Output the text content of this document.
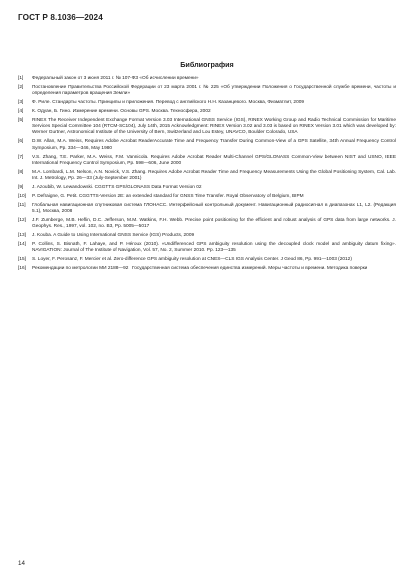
ГОСТ Р 8.1036—2024

Библиография
[1]	Федеральный закон от 3 июня 2011 г. № 107-ФЗ «Об исчислении времени»
[2]	Постановление Правительства Российской Федерации от 23 марта 2001 г. № 225 «Об утверждении Положения о Государственной службе времени, частоты и определения параметров вращения Земли»
[3]	Ф. Риле. Стандарты частоты. Принципы и приложения. Перевод с английского Н.Н. Казанцевого. Москва, Физматлит, 2009
[4]	К. Одуан, Б. Гино. Измерение времени. Основы GPS. Москва. Техносфера, 2002
[5]	RINEX The Receiver Independent Exchange Format Version 3.03 International GNSS Service (IGS), RINEX Working Group and Radio Technical Commission for Maritime Services Special Committee 104 (RTCM-SC104), July 14th, 2015 Acknowledgment: RINEX Version 3.02 and 3.03 is based on RINEX Version 3.01 which was developed by: Werner Gurtner, Astronomical Institute of the University of Bern, Switzerland and Lou Estey, UNAVCO, Boulder Colorado, USA
[6]	D.W. Allan, M.A. Weiss, Requires Adobe Acrobat ReaderAccurate Time and Frequency Transfer During Common-View of a GPS Satellite, 34th Annual Frequency Control Symposium, Pp. 334—346, May 1980
[7]	V.S. Zhang, T.E. Parker, M.A. Weiss, F.M. Vannicola. Requires Adobe Acrobat Reader Multi-Channel GPS/GLONASS Common-View between NIST and USNO, IEEE International Frequency Control Symposium, Pp. 598—606, June 2000
[8]	M.A. Lombardi, L.M. Nelson, A.N. Novick, V.S. Zhang. Requires Adobe Acrobat Reader Time and Frequency Measurements Using the Global Positioning System, Cal. Lab. Int. J. Metrology, Pp. 26—33 (July-September 2001)
[9]	J. Azoubib, W. Lewandowski. CGGTTS GPS/GLONASS Data Format Version 02
[10]	P. Defraigne, G. Petit. CGGTTS-Version 2E: an extended standard for GNSS Time Transfer. Royal Observatory of Belgium, BIPM
[11]	Глобальная навигационная спутниковая система ГЛОНАСС. Интерфейсный контрольный документ. Навигационный радиосигнал в диапазонах L1, L2. (Редакция 5.1), Москва, 2008
[12]	J.F. Zumberge, M.B. Heflin, D.C. Jefferson, M.M. Watkins, F.H. Webb. Precise point positioning for the efficient and robust analysis of GPS data from large networks. J. Geophys. Res., 1997, vol. 102, no. B3, Pp. 5005—5017
[13]	J. Kouba. A Guide to Using International GNSS Service (IGS) Products, 2009
[14]	P. Collins, S. Bisnath, F. Lahaye, and P. Héroux (2010). «Undifferenced GPS ambiguity resolution using the decoupled clock model and ambiguity datum fixing». NAVIGATION: Journal of The Institute of Navigation, Vol. 57, No. 2, Summer 2010. Pp. 123—135
[15]	S. Loyer, F. Perosanz, F. Mercier et al. Zero-difference GPS ambiguity resolution at CNES—CLS IGS Analysis Center. J Geod 86, Pp. 991—1003 (2012)
[16]	Рекомендации по метрологии МИ 2188—92 Государственная система обеспечения единства измерений. Меры частоты и времени. Методика поверки

14
